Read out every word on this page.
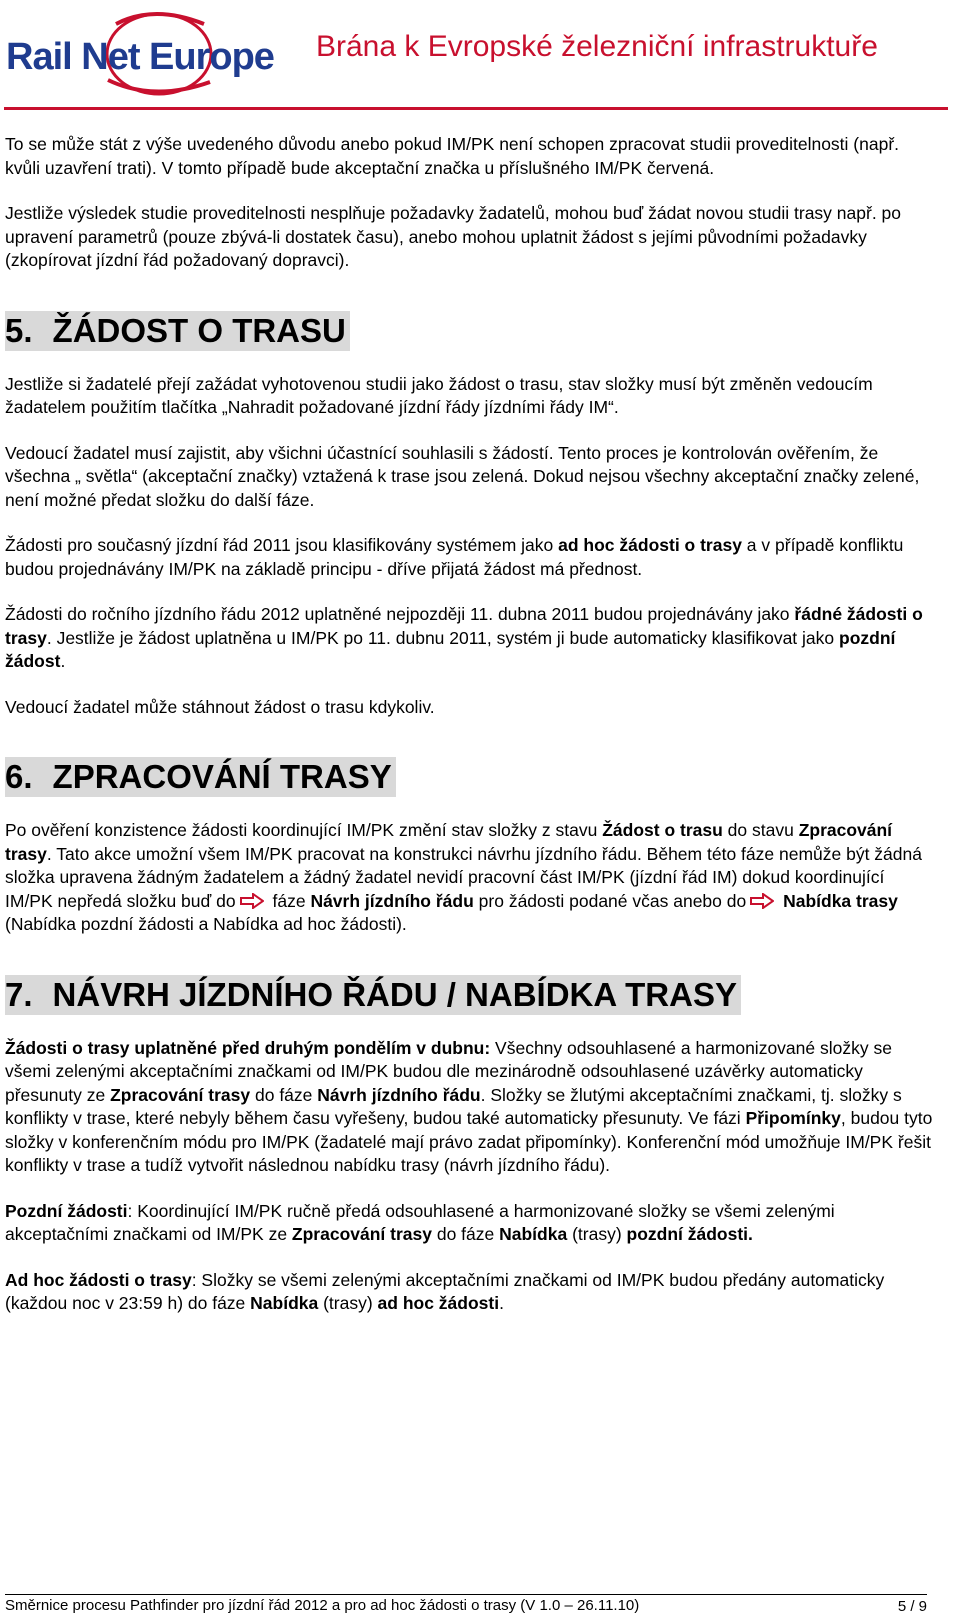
Rail Net Europe Brána k Evropské železniční infrastruktuře

To se může stát z výše uvedeného důvodu anebo pokud IM/PK není schopen zpracovat studii proveditelnosti (např. kvůli uzavření trati). V tomto případě bude akceptační značka u příslušného IM/PK červená.

Jestliže výsledek studie proveditelnosti nesplňuje požadavky žadatelů, mohou buď žádat novou studii trasy např. po upravení parametrů (pouze zbývá-li dostatek času), anebo mohou uplatnit žádost s jejími původními požadavky (zkopírovat jízdní řád požadovaný dopravci).

5. ŽÁDOST O TRASU

Jestliže si žadatelé přejí zažádat vyhotovenou studii jako žádost o trasu, stav složky musí být změněn vedoucím žadatelem použitím tlačítka „Nahradit požadované jízdní řády jízdními řády IM“.

Vedoucí žadatel musí zajistit, aby všichni účastnící souhlasili s žádostí. Tento proces je kontrolován ověřením, že všechna „ světla“ (akceptační značky) vztažená k trase jsou zelená. Dokud nejsou všechny akceptační značky zelené, není možné předat složku do další fáze.

Žádosti pro současný jízdní řád 2011 jsou klasifikovány systémem jako ad hoc žádosti o trasy a v případě konfliktu budou projednávány IM/PK na základě principu - dříve přijatá žádost má přednost.

Žádosti do ročního jízdního řádu 2012 uplatněné nejpozději 11. dubna 2011 budou projednávány jako řádné žádosti o trasy. Jestliže je žádost uplatněna u IM/PK po 11. dubnu 2011, systém ji bude automaticky klasifikovat jako pozdní žádost.

Vedoucí žadatel může stáhnout žádost o trasu kdykoliv.

6. ZPRACOVÁNÍ TRASY

Po ověření konzistence žádosti koordinující IM/PK změní stav složky z stavu Žádost o trasu do stavu Zpracování trasy. Tato akce umožní všem IM/PK pracovat na konstrukci návrhu jízdního řádu. Během této fáze nemůže být žádná složka upravena žádným žadatelem a žádný žadatel nevidí pracovní část IM/PK (jízdní řád IM) dokud koordinující IM/PK nepředá složku buď do fáze Návrh jízdního řádu pro žádosti podané včas anebo do Nabídka trasy (Nabídka pozdní žádosti a Nabídka ad hoc žádosti).

7. NÁVRH JÍZDNÍHO ŘÁDU / NABÍDKA TRASY

Žádosti o trasy uplatněné před druhým pondělím v dubnu: Všechny odsouhlasené a harmonizované složky se všemi zelenými akceptačními značkami od IM/PK budou dle mezinárodně odsouhlasené uzávěrky automaticky přesunuty ze Zpracování trasy do fáze Návrh jízdního řádu. Složky se žlutými akceptačními značkami, tj. složky s konflikty v trase, které nebyly během času vyřešeny, budou také automaticky přesunuty. Ve fázi Připomínky, budou tyto složky v konferenčním módu pro IM/PK (žadatelé mají právo zadat připomínky). Konferenční mód umožňuje IM/PK řešit konflikty v trase a tudíž vytvořit následnou nabídku trasy (návrh jízdního řádu).

Pozdní žádosti: Koordinující IM/PK ručně předá odsouhlasené a harmonizované složky se všemi zelenými akceptačními značkami od IM/PK ze Zpracování trasy do fáze Nabídka (trasy) pozdní žádosti.

Ad hoc žádosti o trasy: Složky se všemi zelenými akceptačními značkami od IM/PK budou předány automaticky (každou noc v 23:59 h) do fáze Nabídka (trasy) ad hoc žádosti.

Směrnice procesu Pathfinder pro jízdní řád 2012 a pro ad hoc žádosti o trasy (V 1.0 – 26.11.10)	5 / 9
